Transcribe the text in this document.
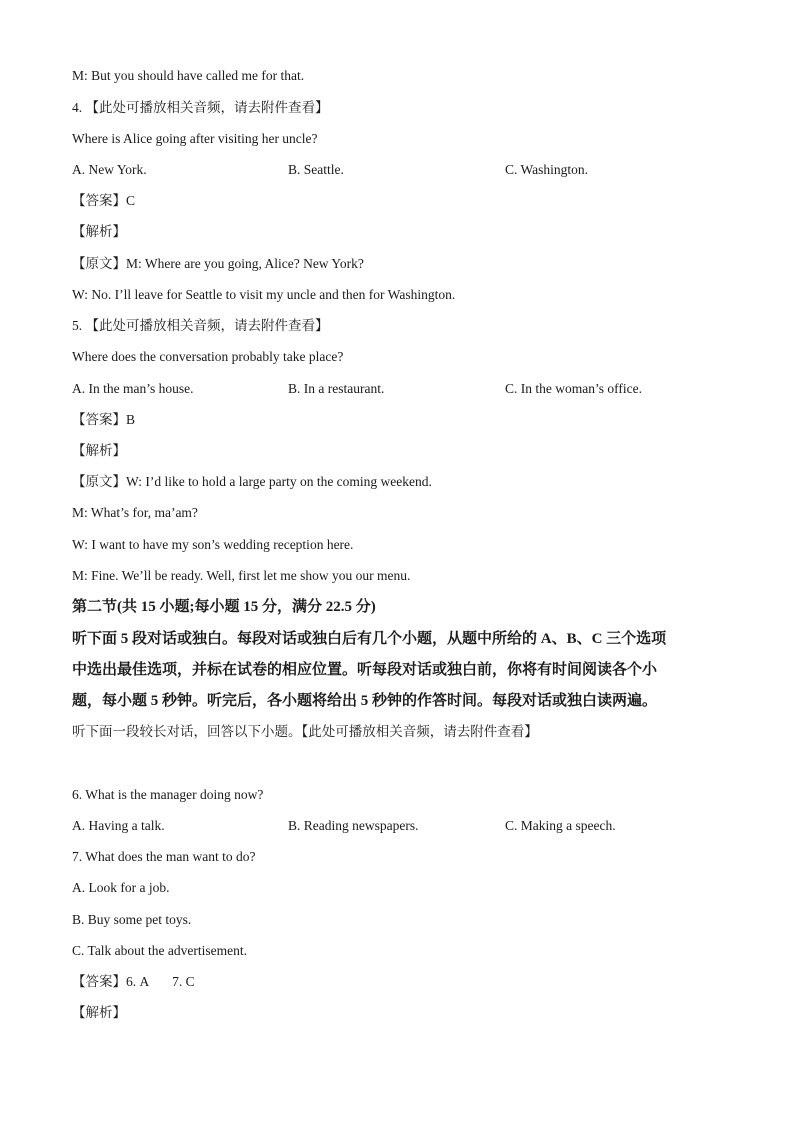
M: But you should have called me for that.
4. 【此处可播放相关音频，请去附件查看】
Where is Alice going after visiting her uncle?
A. New York.	B. Seattle.	C. Washington.
【答案】C
【解析】
【原文】M: Where are you going, Alice? New York?
W: No. I’ll leave for Seattle to visit my uncle and then for Washington.
5. 【此处可播放相关音频，请去附件查看】
Where does the conversation probably take place?
A. In the man’s house.	B. In a restaurant.	C. In the woman’s office.
【答案】B
【解析】
【原文】W: I’d like to hold a large party on the coming weekend.
M: What’s for, ma’am?
W: I want to have my son’s wedding reception here.
M: Fine. We’ll be ready. Well, first let me show you our menu.
第二节(共 15 小题;每小题 15 分，满分 22.5 分)
听下面 5 段对话或独白。每段对话或独白后有几个小题，从题中所给的 A、B、C 三个选项
中选出最佳选项，并标在试卷的相应位置。听每段对话或独白前，你将有时间阅读各个小
题，每小题 5 秒钟。听完后，各小题将给出 5 秒钟的作答时间。每段对话或独白读两遍。
听下面一段较长对话，回答以下小题。【此处可播放相关音频，请去附件查看】
6. What is the manager doing now?
A. Having a talk.	B. Reading newspapers.	C. Making a speech.
7. What does the man want to do?
A. Look for a job.
B. Buy some pet toys.
C. Talk about the advertisement.
【答案】6. A       7. C
【解析】
